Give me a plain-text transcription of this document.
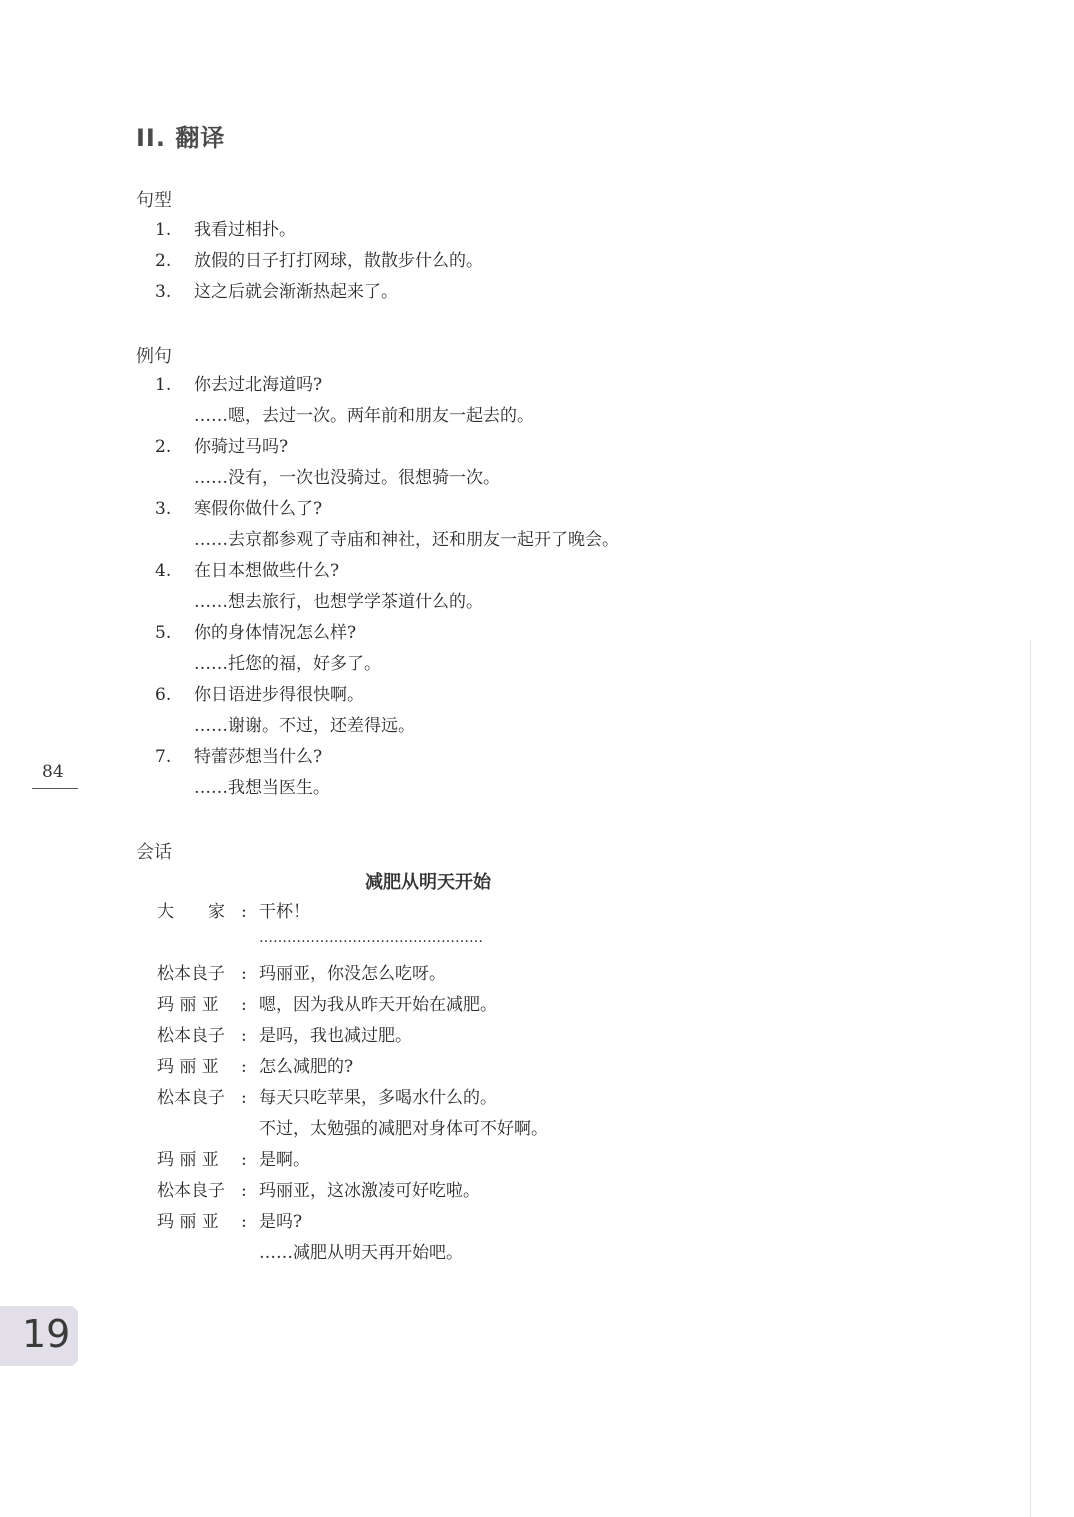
II. 翻译
句型
1. 我看过相扑。
2. 放假的日子打打网球，散散步什么的。
3. 这之后就会渐渐热起来了。
例句
1. 你去过北海道吗?
……嗯，去过一次。两年前和朋友一起去的。
2. 你骑过马吗?
……没有，一次也没骑过。很想骑一次。
3. 寒假你做什么了?
……去京都参观了寺庙和神社，还和朋友一起开了晚会。
4. 在日本想做些什么?
……想去旅行，也想学学茶道什么的。
5. 你的身体情况怎么样?
……托您的福，好多了。
6. 你日语进步得很快啊。
……谢谢。不过，还差得远。
7. 特蕾莎想当什么?
……我想当医生。
84
会话
减肥从明天开始
大　　家 : 干杯！
…………………………………………
松本良子 : 玛丽亚，你没怎么吃呀。
玛 丽 亚	: 嗯，因为我从昨天开始在减肥。
松本良子 : 是吗，我也减过肥。
玛 丽 亚	: 怎么减肥的?
松本良子 : 每天只吃苹果，多喝水什么的。
不过，太勉强的减肥对身体可不好啊。
玛 丽 亚	: 是啊。
松本良子 : 玛丽亚，这冰激凌可好吃啦。
玛 丽 亚	: 是吗?
……减肥从明天再开始吧。
19
